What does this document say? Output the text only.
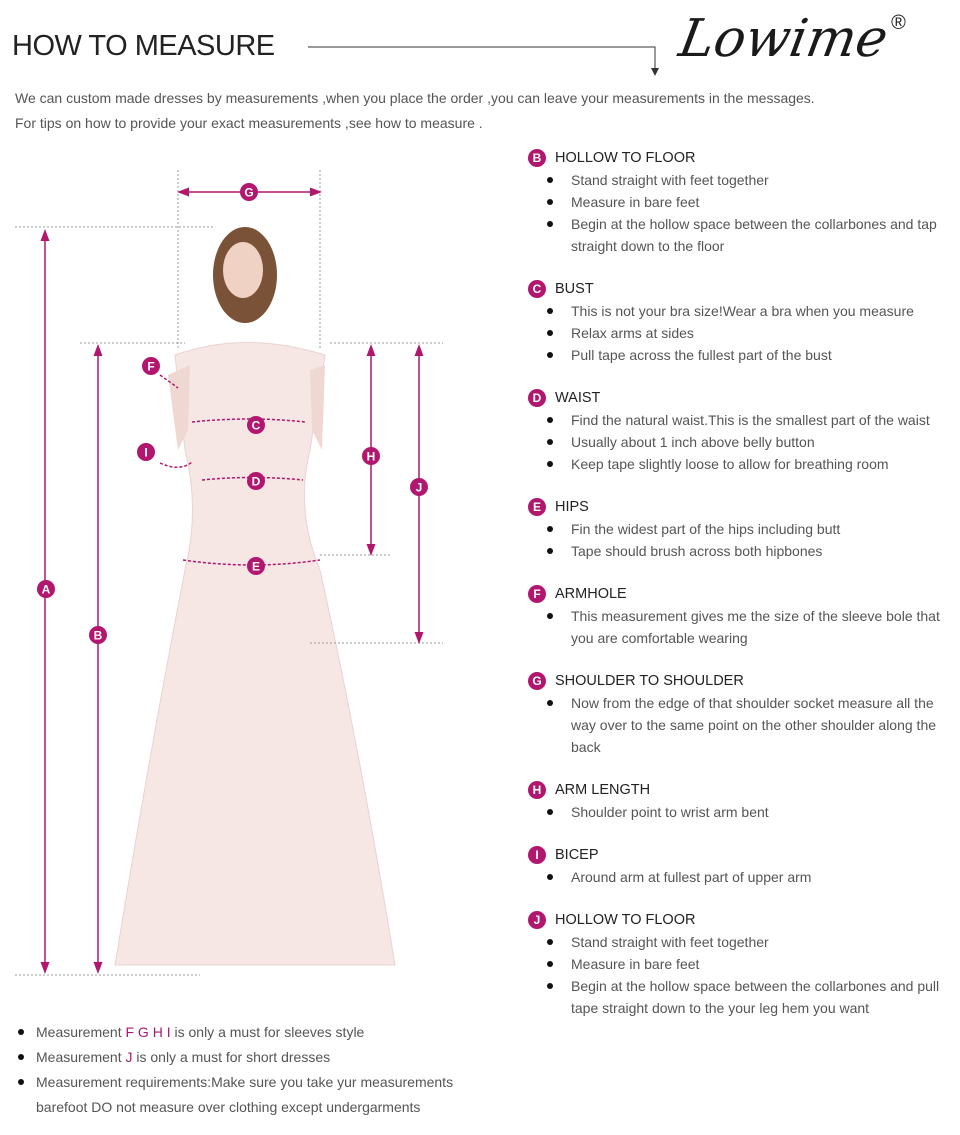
HOW TO MEASURE	Lowime
®
We can custom made dresses by measurements ,when you place the order ,you can leave your measurements in the messages.
For tips on how to provide your exact measurements ,see how to measure .
A
B
C
D
E
F
G
H
I
J
B HOLLOW TO FLOOR
Stand straight with feet together
Measure in bare feet
Begin at the hollow space between the collarbones and tap straight down to the floor
C BUST
This is not your bra size!Wear a bra when you measure
Relax arms at sides
Pull tape across the fullest part of the bust
D WAIST
Find the natural waist.This is the smallest part of the waist
Usually about 1 inch above belly button
Keep tape slightly loose to allow for breathing room
E HIPS
Fin the widest part of the hips including butt
Tape should brush across both hipbones
F ARMHOLE
This measurement gives me the size of the sleeve bole that you are comfortable wearing
G SHOULDER TO SHOULDER
Now from the edge of that shoulder socket measure all the way over to the same point on the other shoulder along the back
H ARM LENGTH
Shoulder point to wrist arm bent
I	BICEP
Around arm at fullest part of upper arm
J	HOLLOW TO FLOOR
Stand straight with feet together
Measure in bare feet
Begin at the hollow space between the collarbones and pull tape straight down to the your leg hem you want
Measurement F G H I is only a must for sleeves style
Measurement J is only a must for short dresses
Measurement requirements:Make sure you take yur measurements barefoot DO not measure over clothing except undergarments
